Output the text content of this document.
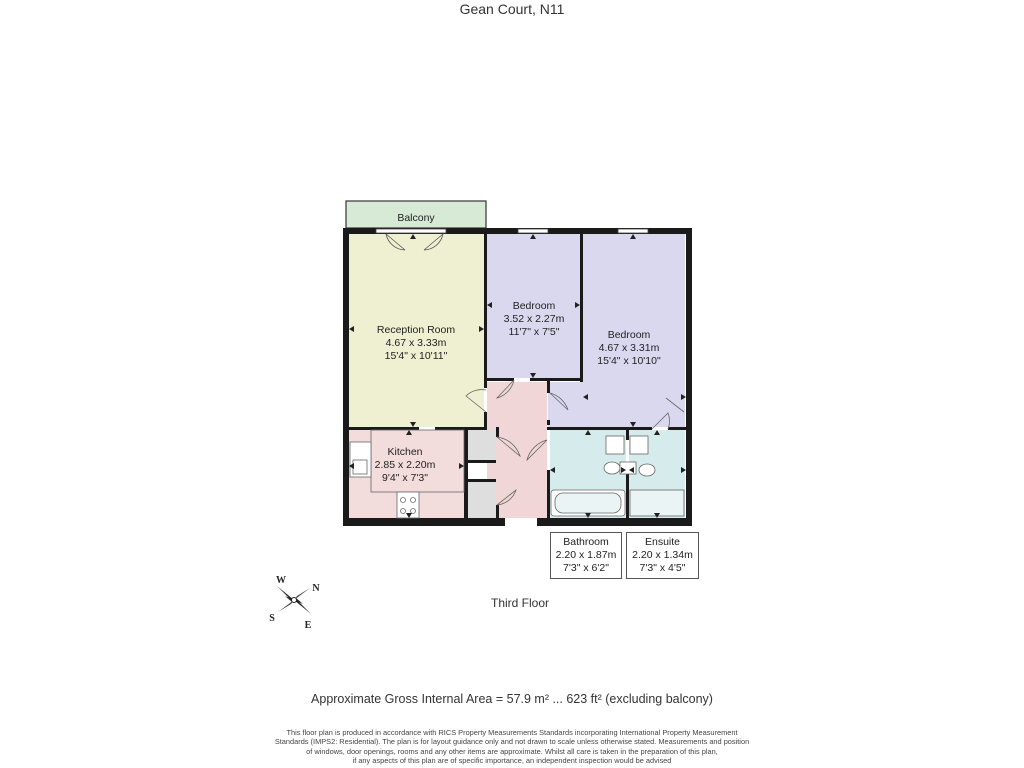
Gean Court, N11
Balcony
Reception Room
4.67 x 3.33m
15'4" x 10'11"
Bedroom
3.52 x 2.27m
11'7" x 7'5"	Bedroom
4.67 x 3.31m
15'4" x 10'10"
Kitchen
2.85 x 2.20m
9'4" x 7'3"
N
E
S
W
Bathroom
2.20 x 1.87m
7'3" x 6'2"
Ensuite
2.20 x 1.34m
7'3" x 4'5"
Third Floor
Approximate Gross Internal Area = 57.9 m² ... 623 ft² (excluding balcony)
This floor plan is produced in accordance with RICS Property Measurements Standards incorporating International Property Measurement
Standards (IMPS2: Residential). The plan is for layout guidance only and not drawn to scale unless otherwise stated. Measurements and position
of windows, door openings, rooms and any other items are approximate. Whilst all care is taken in the preparation of this plan,
if any aspects of this plan are of specific importance, an independent inspection would be advised
